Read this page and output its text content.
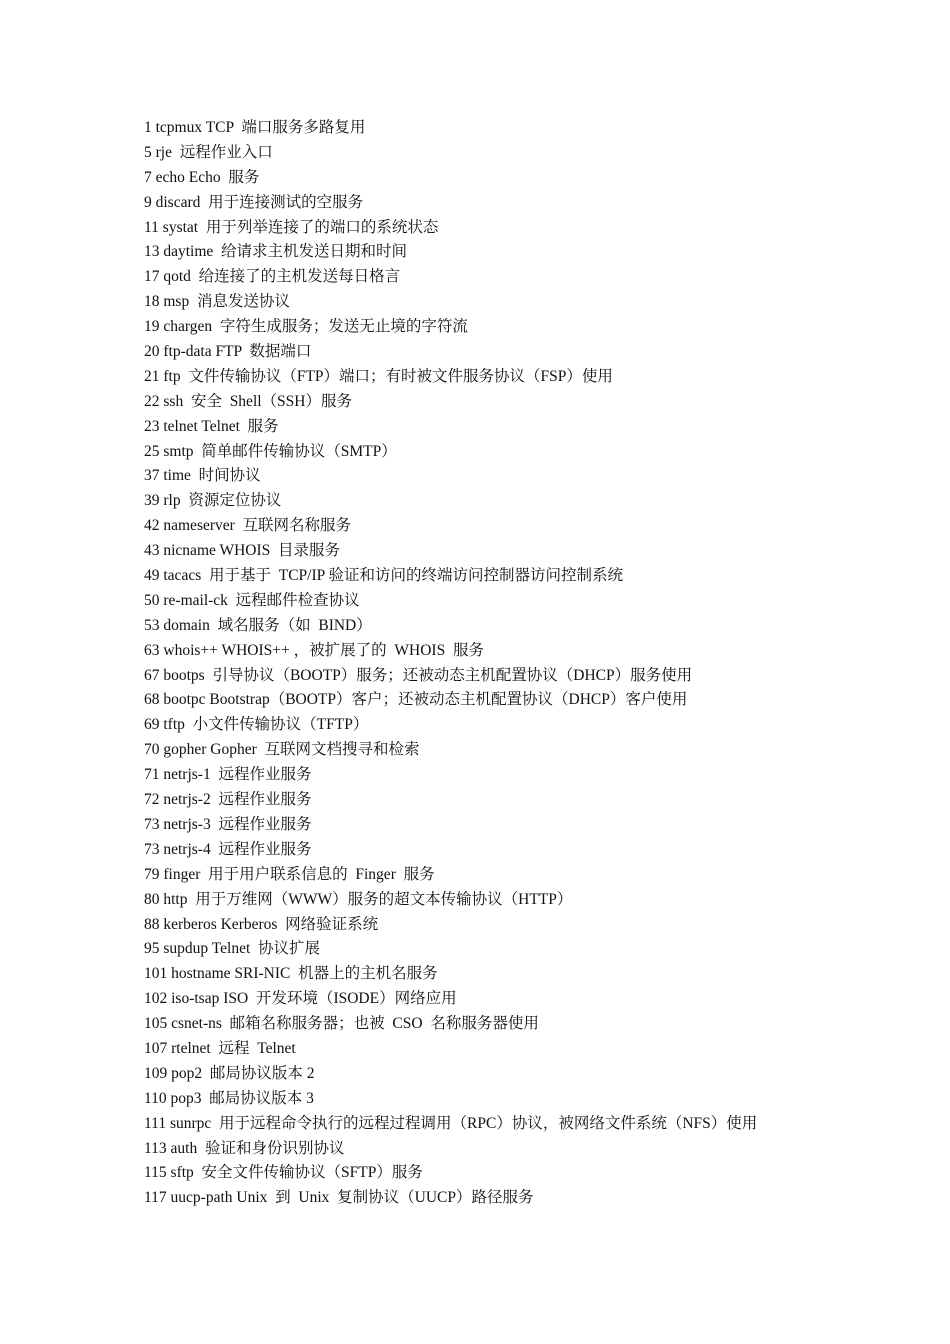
1 tcpmux TCP  端口服务多路复用
5 rje  远程作业入口
7 echo Echo  服务
9 discard  用于连接测试的空服务
11 systat  用于列举连接了的端口的系统状态
13 daytime  给请求主机发送日期和时间
17 qotd  给连接了的主机发送每日格言
18 msp  消息发送协议
19 chargen  字符生成服务；发送无止境的字符流
20 ftp-data FTP  数据端口
21 ftp  文件传输协议（FTP）端口；有时被文件服务协议（FSP）使用
22 ssh  安全  Shell（SSH）服务
23 telnet Telnet  服务
25 smtp  简单邮件传输协议（SMTP）
37 time  时间协议
39 rlp  资源定位协议
42 nameserver  互联网名称服务
43 nicname WHOIS  目录服务
49 tacacs  用于基于  TCP/IP 验证和访问的终端访问控制器访问控制系统
50 re-mail-ck  远程邮件检查协议
53 domain  域名服务（如  BIND）
63 whois++ WHOIS++ ，被扩展了的  WHOIS  服务
67 bootps  引导协议（BOOTP）服务；还被动态主机配置协议（DHCP）服务使用
68 bootpc Bootstrap（BOOTP）客户；还被动态主机配置协议（DHCP）客户使用
69 tftp  小文件传输协议（TFTP）
70 gopher Gopher  互联网文档搜寻和检索
71 netrjs-1  远程作业服务
72 netrjs-2  远程作业服务
73 netrjs-3  远程作业服务
73 netrjs-4  远程作业服务
79 finger  用于用户联系信息的  Finger  服务
80 http  用于万维网（WWW）服务的超文本传输协议（HTTP）
88 kerberos Kerberos  网络验证系统
95 supdup Telnet  协议扩展
101 hostname SRI-NIC  机器上的主机名服务
102 iso-tsap ISO  开发环境（ISODE）网络应用
105 csnet-ns  邮箱名称服务器；也被  CSO  名称服务器使用
107 rtelnet  远程  Telnet
109 pop2  邮局协议版本 2
110 pop3  邮局协议版本 3
111 sunrpc  用于远程命令执行的远程过程调用（RPC）协议，被网络文件系统（NFS）使用
113 auth  验证和身份识别协议
115 sftp  安全文件传输协议（SFTP）服务
117 uucp-path Unix  到  Unix  复制协议（UUCP）路径服务
